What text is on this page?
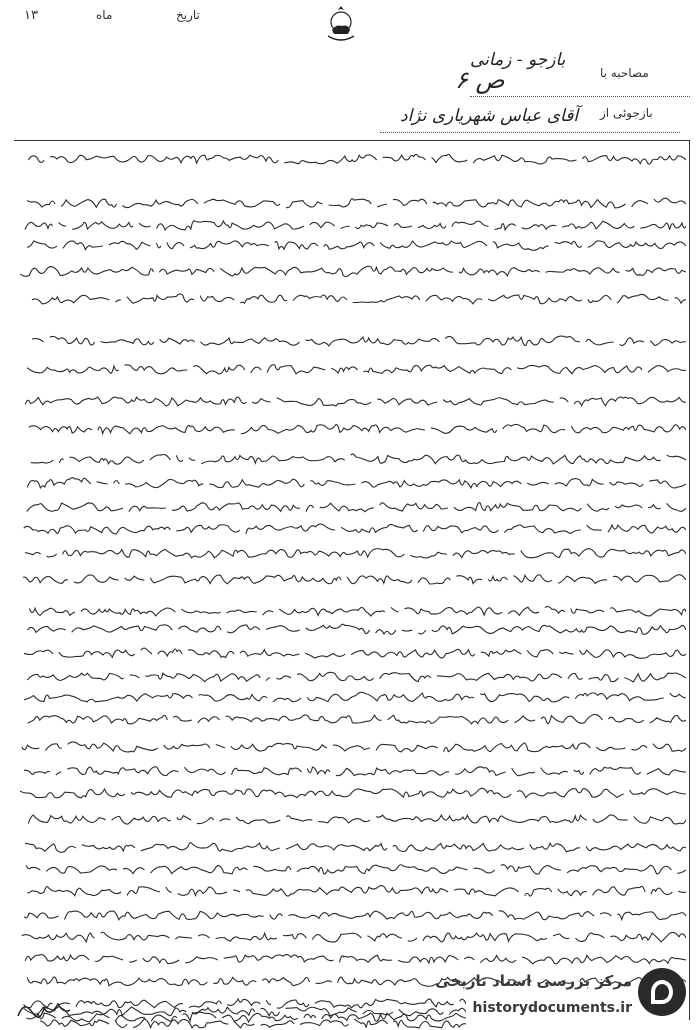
۱۳	ماه	تاریخ
مصاحبه با
بازجوئی از
بازجو - زمانی
ص ۶
آقای عباس شهریاری نژاد
مرکز بررسی اسناد تاریخی
historydocuments.ir
